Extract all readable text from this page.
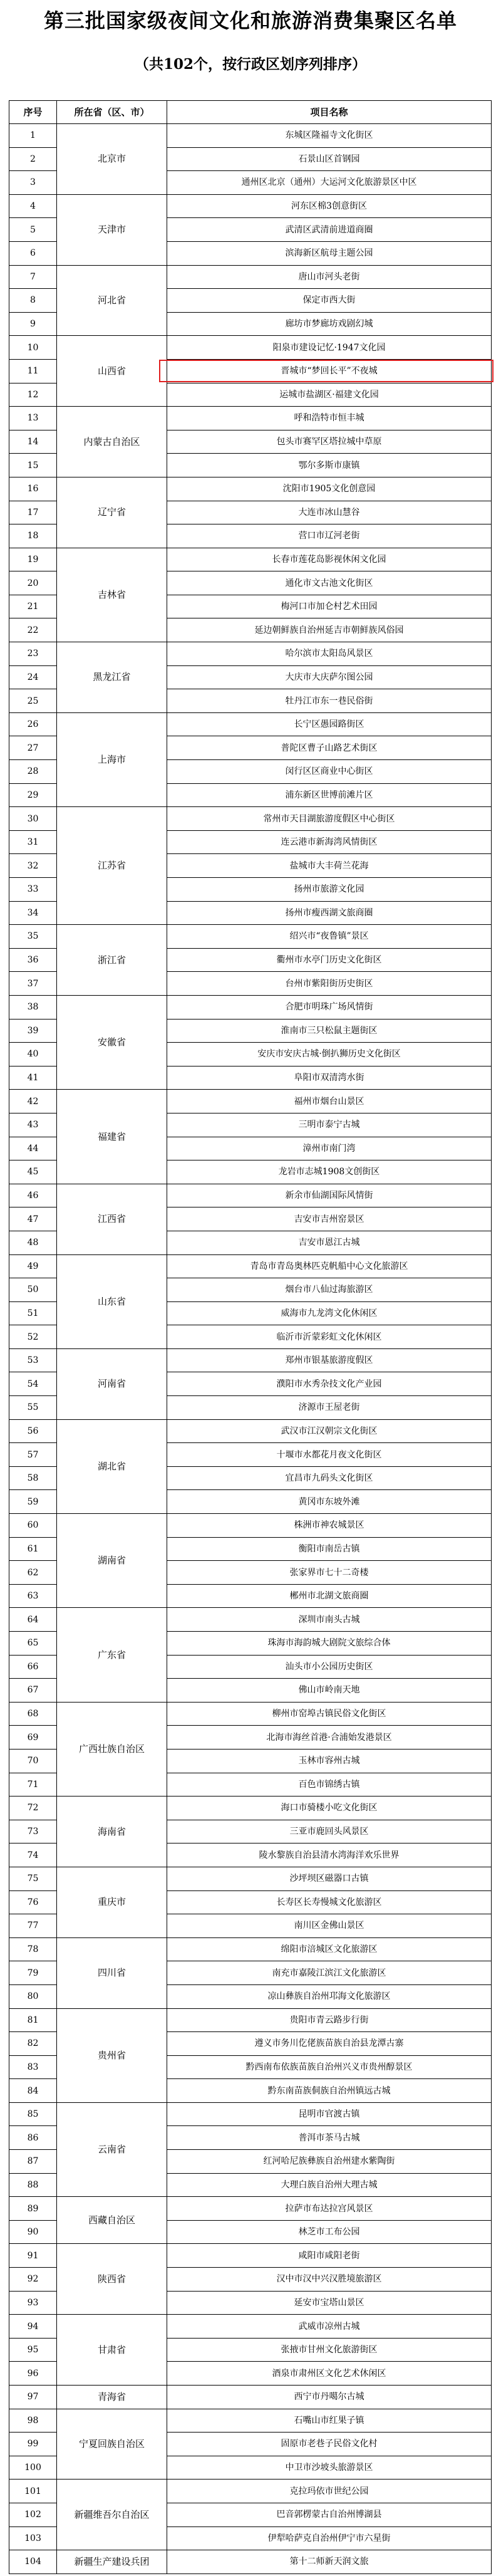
第三批国家级夜间文化和旅游消费集聚区名单
（共102个，按行政区划序列排序）
序号	所在省（区、市）	项目名称
1	北京市	东城区隆福寺文化街区
2		石景山区首钢园
3		通州区北京（通州）大运河文化旅游景区中区
4	天津市	河东区棉3创意街区
5		武清区武清前进道商圈
6		滨海新区航母主题公园
7	河北省	唐山市河头老街
8		保定市西大街
9		廊坊市梦廊坊戏剧幻城
10	山西省	阳泉市建设记忆·1947文化园
11		晋城市“梦回长平”不夜城
12		运城市盐湖区·福建文化园
13	内蒙古自治区	呼和浩特市恒丰城
14		包头市赛罕区塔拉城中草原
15		鄂尔多斯市康镇
16	辽宁省	沈阳市1905文化创意园
17		大连市冰山慧谷
18		营口市辽河老街
19	吉林省	长春市莲花岛影视休闲文化园
20		通化市文古池文化街区
21		梅河口市加仑村艺术田园
22		延边朝鲜族自治州延吉市朝鲜族风俗园
23	黑龙江省	哈尔滨市太阳岛风景区
24		大庆市大庆萨尔图公园
25		牡丹江市东一巷民俗街
26	上海市	长宁区愚园路街区
27		普陀区曹子山路艺术街区
28		闵行区区商业中心街区
29		浦东新区世博前滩片区
30	江苏省	常州市天目湖旅游度假区中心街区
31		连云港市新海湾风情街区
32		盐城市大丰荷兰花海
33		扬州市旅游文化园
34		扬州市瘦西湖文旅商圈
35	浙江省	绍兴市“夜鲁镇”景区
36		衢州市水亭门历史文化街区
37		台州市紫阳街历史街区
38	安徽省	合肥市明珠广场风情街
39		淮南市三只松鼠主题街区
40		安庆市安庆古城·倒扒狮历史文化街区
41		阜阳市双清湾水街
42	福建省	福州市烟台山景区
43		三明市泰宁古城
44		漳州市南门湾
45		龙岩市志城1908文创街区
46	江西省	新余市仙湖国际风情街
47		吉安市吉州窑景区
48		吉安市恩江古城
49	山东省	青岛市青岛奥林匹克帆船中心文化旅游区
50		烟台市八仙过海旅游区
51		威海市九龙湾文化休闲区
52		临沂市沂蒙彩虹文化休闲区
53	河南省	郑州市银基旅游度假区
54		濮阳市水秀杂技文化产业园
55		济源市王屋老街
56	湖北省	武汉市江汉朝宗文化街区
57		十堰市水都花月夜文化街区
58		宜昌市九码头文化街区
59		黄冈市东坡外滩
60	湖南省	株洲市神农城景区
61		衡阳市南岳古镇
62		张家界市七十二奇楼
63		郴州市北湖文旅商圈
64	广东省	深圳市南头古城
65		珠海市海韵城大剧院文旅综合体
66		汕头市小公园历史街区
67		佛山市岭南天地
68	广西壮族自治区	柳州市窑埠古镇民俗文化街区
69		北海市海丝首港·合浦始发港景区
70		玉林市容州古城
71		百色市锦绣古镇
72	海南省	海口市骑楼小吃文化街区
73		三亚市鹿回头风景区
74		陵水黎族自治县清水湾海洋欢乐世界
75	重庆市	沙坪坝区磁器口古镇
76		长寿区长寿慢城文化旅游区
77		南川区金佛山景区
78	四川省	绵阳市涪城区文化旅游区
79		南充市嘉陵江滨江文化旅游区
80		凉山彝族自治州邛海文化旅游区
81	贵州省	贵阳市青云路步行街
82		遵义市务川仡佬族苗族自治县龙潭古寨
83		黔西南布依族苗族自治州兴义市贵州醇景区
84		黔东南苗族侗族自治州镇远古城
85	云南省	昆明市官渡古镇
86		普洱市茶马古城
87		红河哈尼族彝族自治州建水紫陶街
88		大理白族自治州大理古城
89	西藏自治区	拉萨市布达拉宫风景区
90		林芝市工布公园
91	陕西省	咸阳市咸阳老街
92		汉中市汉中兴汉胜境旅游区
93		延安市宝塔山景区
94	甘肃省	武威市凉州古城
95		张掖市甘州文化旅游街区
96		酒泉市肃州区文化艺术休闲区
97	青海省	西宁市丹噶尔古城
98	宁夏回族自治区	石嘴山市红果子镇
99		固原市老巷子民俗文化村
100		中卫市沙坡头旅游景区
101	新疆维吾尔自治区	克拉玛依市世纪公园
102		巴音郭楞蒙古自治州博湖县
103		伊犁哈萨克自治州伊宁市六星街
104	新疆生产建设兵团	第十二师新天润文旅
